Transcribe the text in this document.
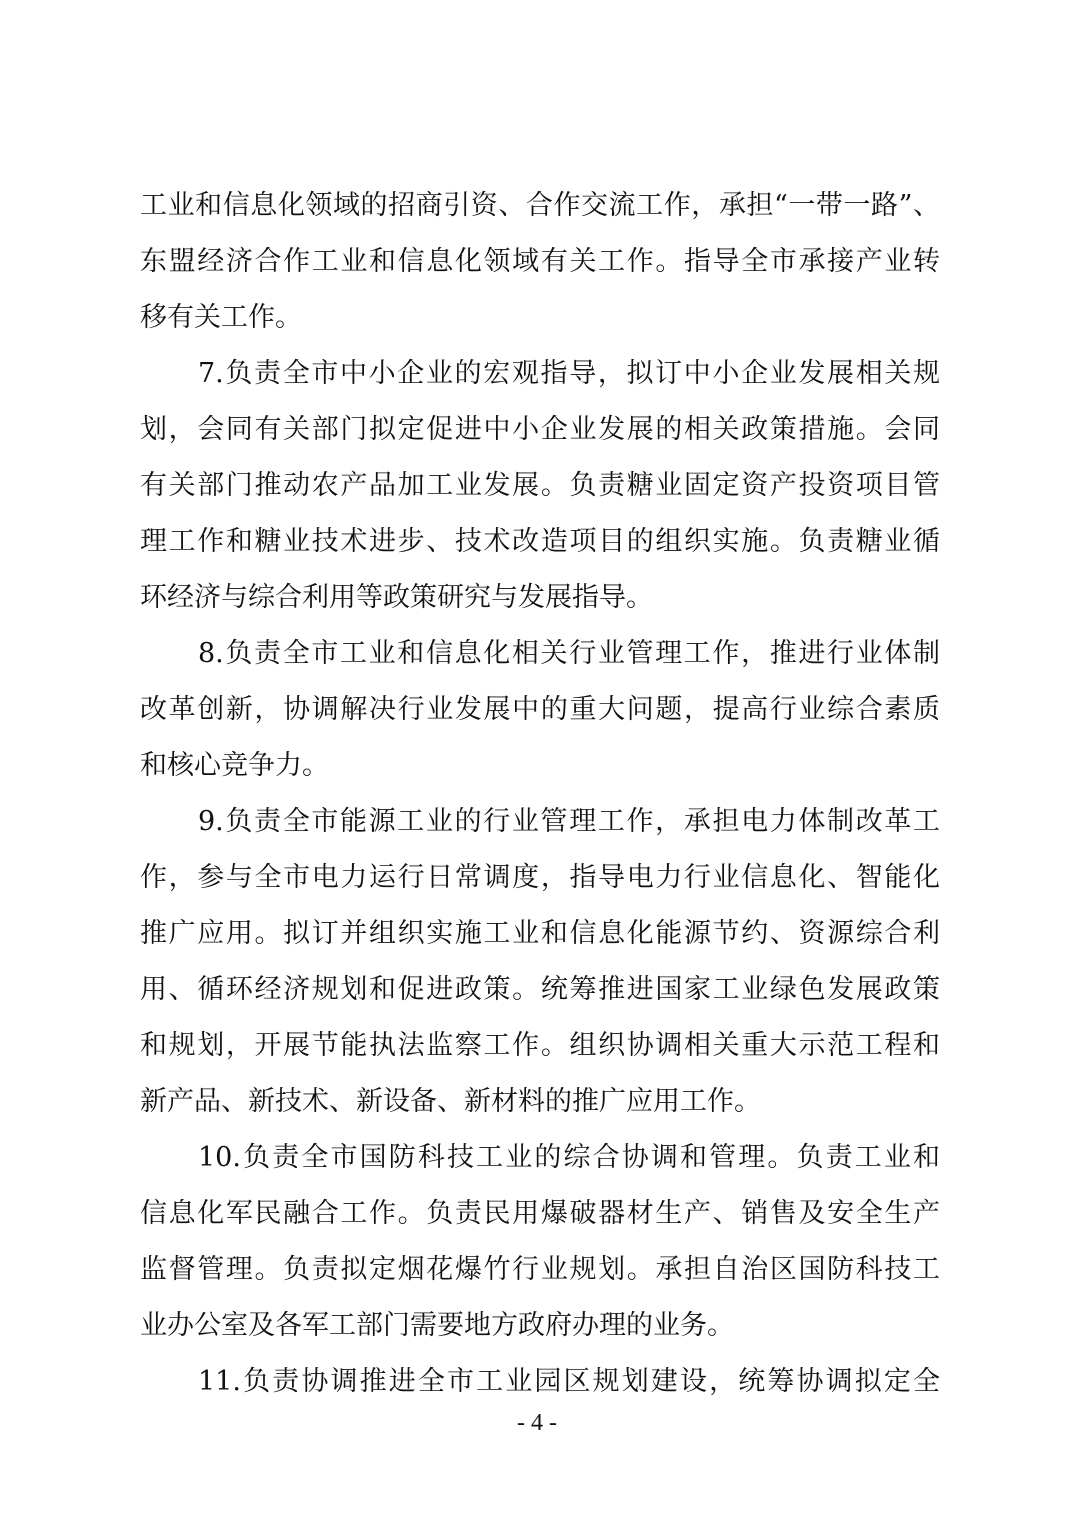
工业和信息化领域的招商引资、合作交流工作，承担“一带一路”、
东盟经济合作工业和信息化领域有关工作。指导全市承接产业转
移有关工作。
7.负责全市中小企业的宏观指导，拟订中小企业发展相关规
划，会同有关部门拟定促进中小企业发展的相关政策措施。会同
有关部门推动农产品加工业发展。负责糖业固定资产投资项目管
理工作和糖业技术进步、技术改造项目的组织实施。负责糖业循
环经济与综合利用等政策研究与发展指导。
8.负责全市工业和信息化相关行业管理工作，推进行业体制
改革创新，协调解决行业发展中的重大问题，提高行业综合素质
和核心竞争力。
9.负责全市能源工业的行业管理工作，承担电力体制改革工
作，参与全市电力运行日常调度，指导电力行业信息化、智能化
推广应用。拟订并组织实施工业和信息化能源节约、资源综合利
用、循环经济规划和促进政策。统筹推进国家工业绿色发展政策
和规划，开展节能执法监察工作。组织协调相关重大示范工程和
新产品、新技术、新设备、新材料的推广应用工作。
10.负责全市国防科技工业的综合协调和管理。负责工业和
信息化军民融合工作。负责民用爆破器材生产、销售及安全生产
监督管理。负责拟定烟花爆竹行业规划。承担自治区国防科技工
业办公室及各军工部门需要地方政府办理的业务。
11.负责协调推进全市工业园区规划建设，统筹协调拟定全
- 4 -
